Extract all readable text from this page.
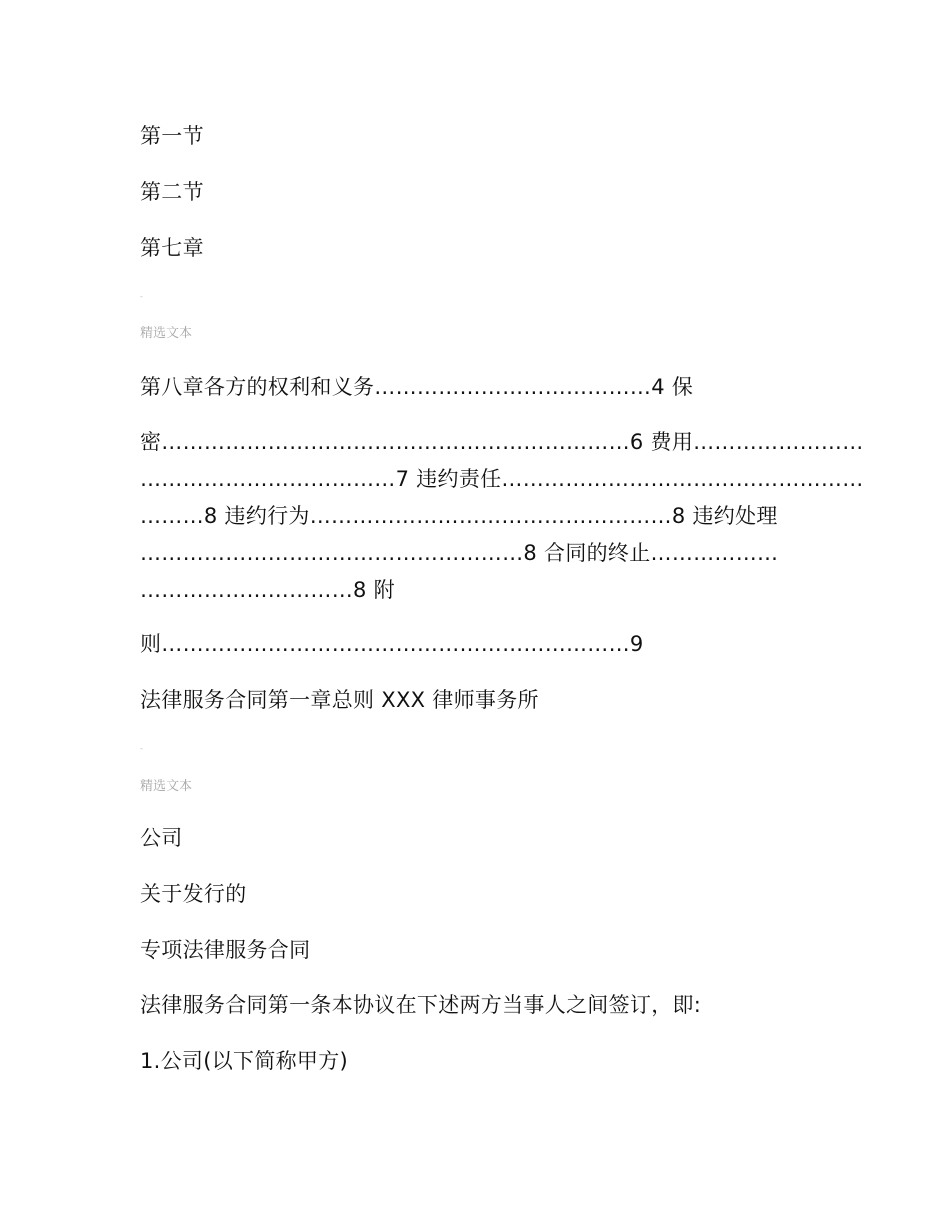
第一节
第二节
第七章
-
精选文本
第八章各方的权利和义务…………………………………4 保
密…………………………………………………………6 费用……………………
………………………………7 违约责任……………………………………………
………8 违约行为……………………………………………8 违约处理
………………………………………………8 合同的终止………………
…………………………8 附
则…………………………………………………………9
法律服务合同第一章总则 XXX 律师事务所
-
精选文本
公司
关于发行的
专项法律服务合同
法律服务合同第一条本协议在下述两方当事人之间签订，即:
1.公司(以下简称甲方)
